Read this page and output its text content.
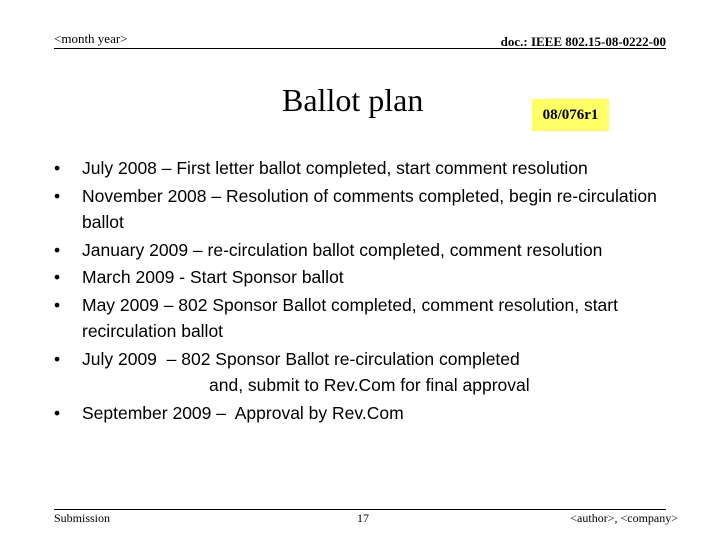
<month year>	doc.: IEEE 802.15-08-0222-00
Ballot plan	08/076r1
• July 2008 – First letter ballot completed, start comment resolution
• November 2008 – Resolution of comments completed, begin re-circulation ballot
• January 2009 – re-circulation ballot completed, comment resolution
• March 2009 - Start Sponsor ballot
• May 2009 – 802 Sponsor Ballot completed, comment resolution, start recirculation ballot
• July 2009  – 802 Sponsor Ballot re-circulation completed
and, submit to Rev.Com for final approval
• September 2009 –  Approval by Rev.Com
Submission	17	<author>, <company>
